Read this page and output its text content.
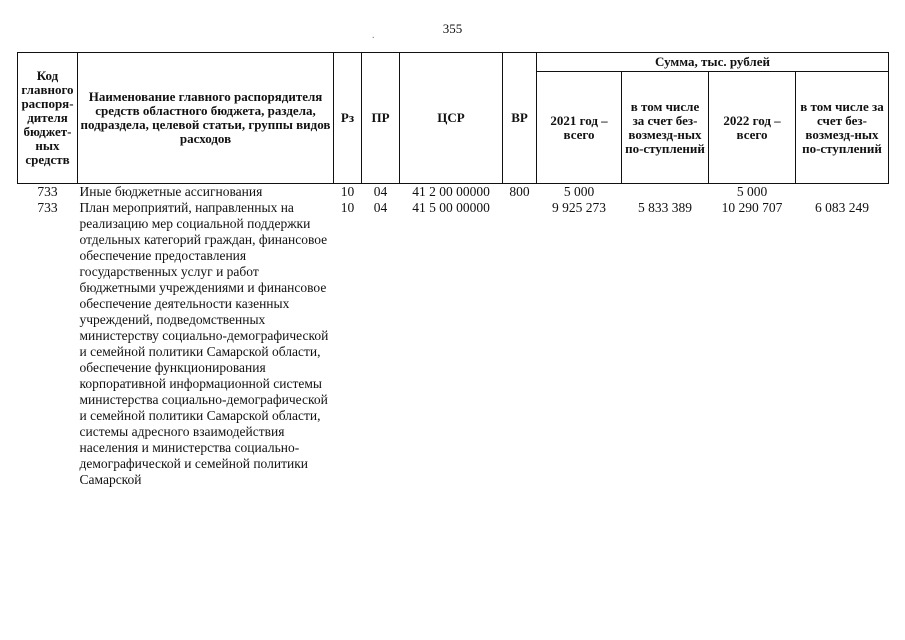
355
.
Код главного распоря-дителя бюджет-ных средств	Наименование главного распорядителя средств областного бюджета, раздела, подраздела, целевой статьи, группы видов расходов	Рз	ПР	ЦСР	ВР	Сумма, тыс. рублей			
						2021 год – всего	в том числе за счет без-возмезд-ных по-ступлений	2022 год – всего	в том числе за счет без-возмезд-ных по-ступлений
733	Иные бюджетные ассигнования	10	04	41 2 00 00000	800	5 000		5 000	
733	План мероприятий, направленных на реализацию мер социальной поддержки отдельных категорий граждан, финансовое обеспечение предоставления государственных услуг и работ бюджетными учреждениями и финансовое обеспечение деятельности казенных учреждений, подведомственных министерству социально-демографической и семейной политики Самарской области, обеспечение функционирования корпоративной информационной системы министерства социально-демографической и семейной политики Самарской области, системы адресного взаимодействия населения и министерства социально-демографической и семейной политики Самарской	10	04	41 5 00 00000		9 925 273	5 833 389	10 290 707	6 083 249
